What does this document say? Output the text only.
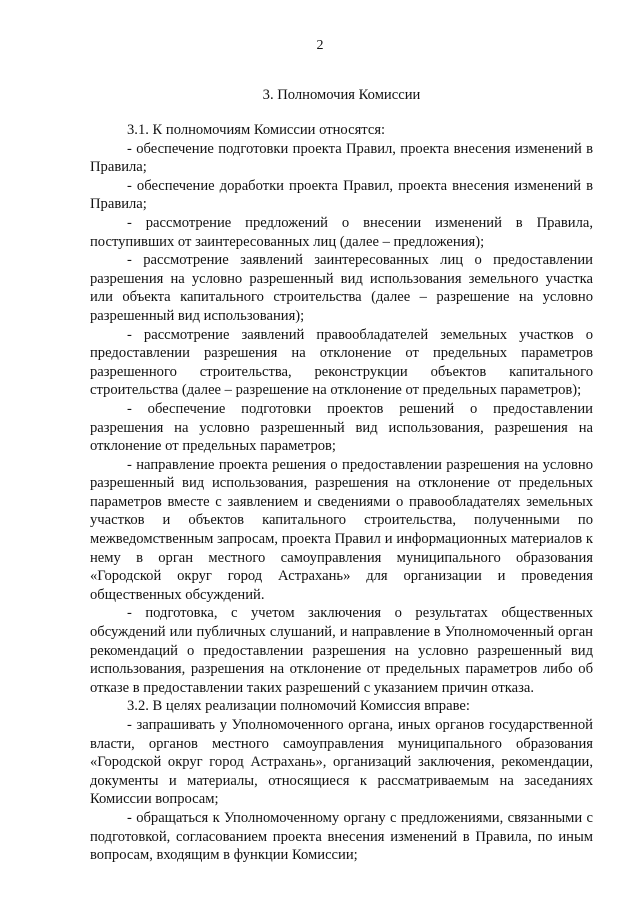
2
3. Полномочия Комиссии

3.1. К полномочиям Комиссии относятся:

- обеспечение подготовки проекта Правил, проекта внесения изменений в Правила;

- обеспечение доработки проекта Правил, проекта внесения изменений в Правила;

- рассмотрение предложений о внесении изменений в Правила, поступивших от заинтересованных лиц (далее – предложения);

- рассмотрение заявлений заинтересованных лиц о предоставлении разрешения на условно разрешенный вид использования земельного участка или объекта капитального строительства (далее – разрешение на условно разрешенный вид использования);

- рассмотрение заявлений правообладателей земельных участков о предоставлении разрешения на отклонение от предельных параметров разрешенного строительства, реконструкции объектов капитального строительства (далее – разрешение на отклонение от предельных параметров);

- обеспечение подготовки проектов решений о предоставлении разрешения на условно разрешенный вид использования, разрешения на отклонение от предельных параметров;

- направление проекта решения о предоставлении разрешения на условно разрешенный вид использования, разрешения на отклонение от предельных параметров вместе с заявлением и сведениями о правообладателях земельных участков и объектов капитального строительства, полученными по межведомственным запросам, проекта Правил и информационных материалов к нему в орган местного самоуправления муниципального образования «Городской округ город Астрахань» для организации и проведения общественных обсуждений.

- подготовка, с учетом заключения о результатах общественных обсуждений или публичных слушаний, и направление в Уполномоченный орган рекомендаций о предоставлении разрешения на условно разрешенный вид использования, разрешения на отклонение от предельных параметров либо об отказе в предоставлении таких разрешений с указанием причин отказа.

3.2. В целях реализации полномочий Комиссия вправе:

- запрашивать у Уполномоченного органа, иных органов государственной власти, органов местного самоуправления муниципального образования «Городской округ город Астрахань», организаций заключения, рекомендации, документы и материалы, относящиеся к рассматриваемым на заседаниях Комиссии вопросам;

- обращаться к Уполномоченному органу с предложениями, связанными с подготовкой, согласованием проекта внесения изменений в Правила, по иным вопросам, входящим в функции Комиссии;
